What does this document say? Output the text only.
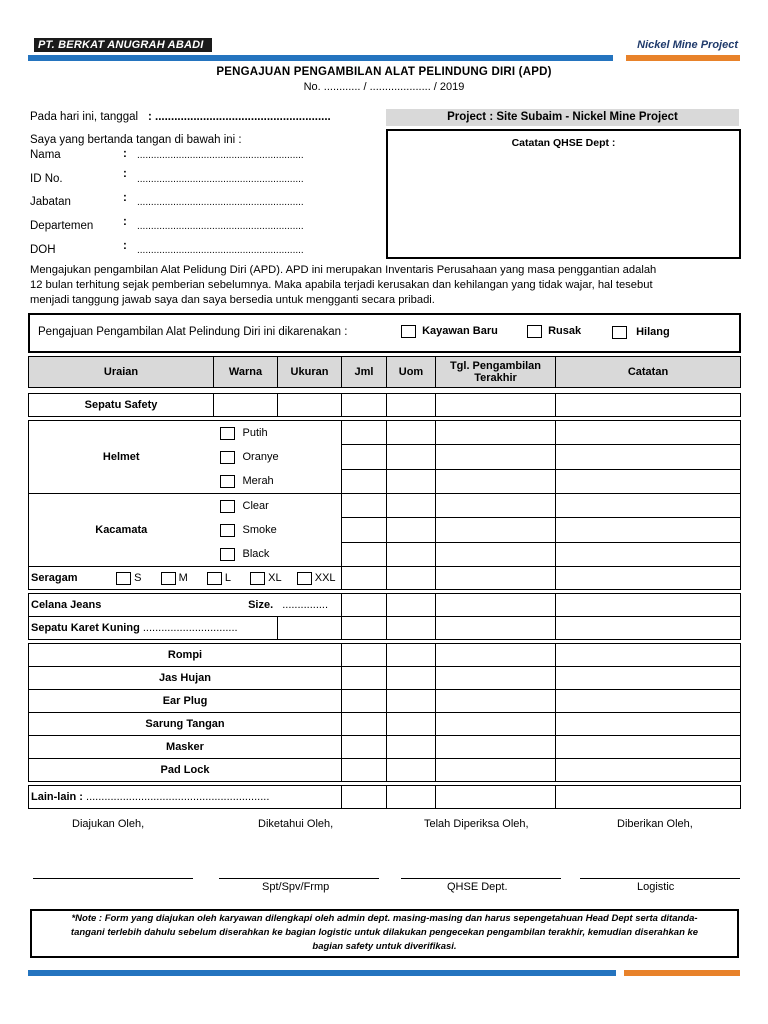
PT. BERKAT ANUGRAH ABADI	Nickel Mine Project
PENGAJUAN PENGAMBILAN ALAT PELINDUNG DIRI (APD)
No. ............ / .................... / 2019
Pada hari ini, tanggal : .......................................................	Project : Site Subaim - Nickel Mine Project
Catatan QHSE Dept :
Saya yang bertanda tangan di bawah ini :
Nama	: ............................................................
ID No.	: ............................................................
Jabatan	: ............................................................
Departemen	: ............................................................
DOH	: ............................................................
Mengajukan pengambilan Alat Pelidung Diri (APD). APD ini merupakan Inventaris Perusahaan yang masa penggantian adalah
12 bulan terhitung sejak pemberian sebelumnya. Maka apabila terjadi kerusakan dan kehilangan yang tidak wajar, hal tesebut
menjadi tanggung jawab saya dan saya bersedia untuk mengganti secara pribadi.
Pengajuan Pengambilan Alat Pelindung Diri ini dikarenakan :	Kayawan Baru	Rusak	Hilang
Uraian	Warna	Ukuran	Jml	Uom	Tgl. Pengambilan Terakhir	Catatan

Sepatu Safety						

Helmet	Putih
Oranye
Merah					

Kacamata	Clear
Smoke
Black					

Seragam S M L XL XXL						

Celana Jeans Size. ...............						
Sepatu Karet Kuning ...............................						

Rompi						
Jas Hujan						
Ear Plug						
Sarung Tangan						
Masker						
Pad Lock						

Lain-lain : ............................................................						
Diajukan Oleh,	Diketahui Oleh,	Telah Diperiksa Oleh,	Diberikan Oleh,
Spt/Spv/Frmp	QHSE Dept.	Logistic
*Note : Form yang diajukan oleh karyawan dilengkapi oleh admin dept. masing-masing dan harus sepengetahuan Head Dept serta ditanda-
tangani terlebih dahulu sebelum diserahkan ke bagian logistic untuk dilakukan pengecekan pengambilan terakhir, kemudian diserahkan ke
bagian safety untuk diverifikasi.
